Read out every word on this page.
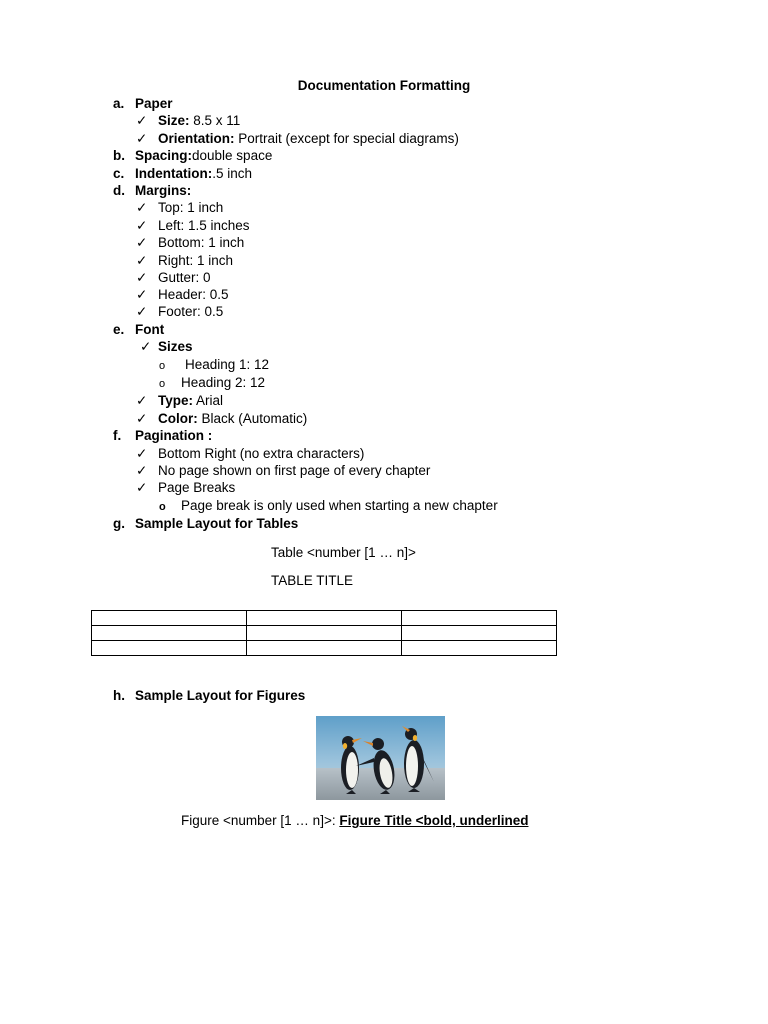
Documentation Formatting
a. Paper
✓ Size: 8.5 x 11
✓ Orientation: Portrait (except for special diagrams)
b. Spacing:double space
c. Indentation:.5 inch
d. Margins:
✓ Top: 1 inch
✓ Left: 1.5 inches
✓ Bottom: 1 inch
✓ Right: 1 inch
✓ Gutter: 0
✓ Header: 0.5
✓ Footer: 0.5
e. Font
✓ Sizes
o Heading 1: 12
o Heading 2: 12
✓ Type: Arial
✓ Color: Black (Automatic)
f. Pagination :
✓ Bottom Right (no extra characters)
✓ No page shown on first page of every chapter
✓ Page Breaks
o Page break is only used when starting a new chapter
g. Sample Layout for Tables
Table <number [1 … n]>
TABLE TITLE

h. Sample Layout for Figures
Figure <number [1 … n]>: Figure Title <bold, underlined
